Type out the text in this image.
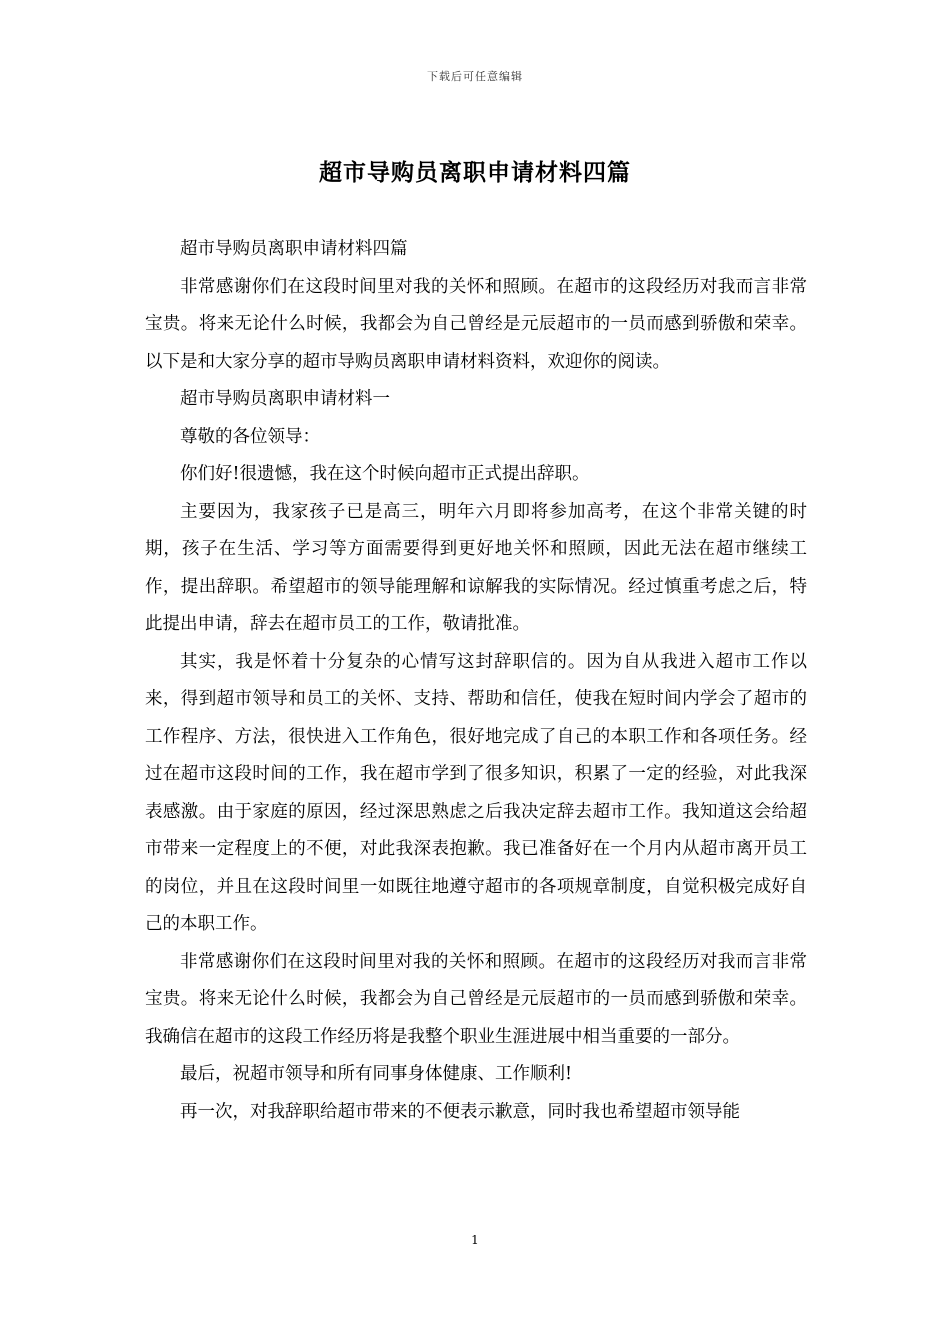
下载后可任意编辑
超市导购员离职申请材料四篇

超市导购员离职申请材料四篇

非常感谢你们在这段时间里对我的关怀和照顾。在超市的这段经历对我而言非常宝贵。将来无论什么时候，我都会为自己曾经是元辰超市的一员而感到骄傲和荣幸。以下是和大家分享的超市导购员离职申请材料资料，欢迎你的阅读。

超市导购员离职申请材料一

尊敬的各位领导：

你们好!很遗憾，我在这个时候向超市正式提出辞职。

主要因为，我家孩子已是高三，明年六月即将参加高考，在这个非常关键的时期，孩子在生活、学习等方面需要得到更好地关怀和照顾，因此无法在超市继续工作，提出辞职。希望超市的领导能理解和谅解我的实际情况。经过慎重考虑之后，特此提出申请，辞去在超市员工的工作，敬请批准。

其实，我是怀着十分复杂的心情写这封辞职信的。因为自从我进入超市工作以来，得到超市领导和员工的关怀、支持、帮助和信任，使我在短时间内学会了超市的工作程序、方法，很快进入工作角色，很好地完成了自己的本职工作和各项任务。经过在超市这段时间的工作，我在超市学到了很多知识，积累了一定的经验，对此我深表感激。由于家庭的原因，经过深思熟虑之后我决定辞去超市工作。我知道这会给超市带来一定程度上的不便，对此我深表抱歉。我已准备好在一个月内从超市离开员工的岗位，并且在这段时间里一如既往地遵守超市的各项规章制度，自觉积极完成好自己的本职工作。

非常感谢你们在这段时间里对我的关怀和照顾。在超市的这段经历对我而言非常宝贵。将来无论什么时候，我都会为自己曾经是元辰超市的一员而感到骄傲和荣幸。我确信在超市的这段工作经历将是我整个职业生涯进展中相当重要的一部分。

最后，祝超市领导和所有同事身体健康、工作顺利!

再一次，对我辞职给超市带来的不便表示歉意，同时我也希望超市领导能

1
